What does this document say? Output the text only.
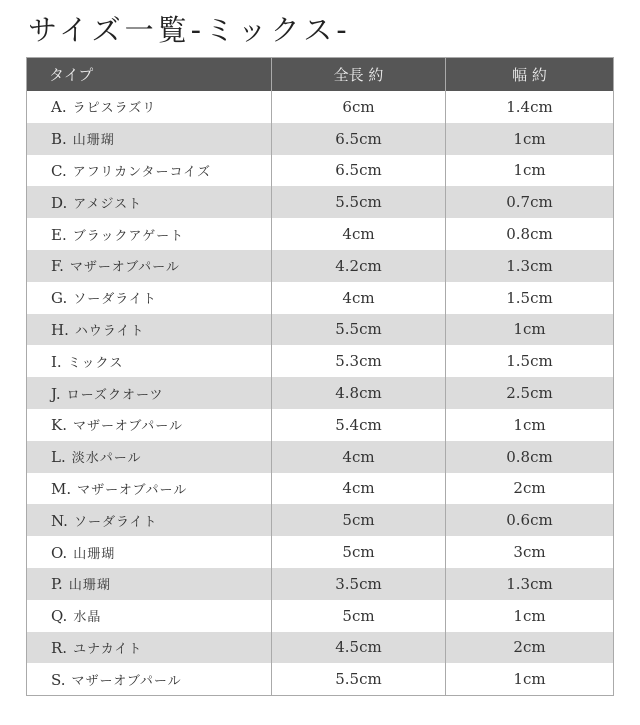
サイズ一覧-ミックス-
タイプ	全長 約	幅 約
A. ラピスラズリ	6cm	1.4cm
B. 山珊瑚	6.5cm	1cm
C. アフリカンターコイズ	6.5cm	1cm
D. アメジスト	5.5cm	0.7cm
E. ブラックアゲート	4cm	0.8cm
F. マザーオブパール	4.2cm	1.3cm
G. ソーダライト	4cm	1.5cm
H. ハウライト	5.5cm	1cm
I. ミックス	5.3cm	1.5cm
J. ローズクオーツ	4.8cm	2.5cm
K. マザーオブパール	5.4cm	1cm
L. 淡水パール	4cm	0.8cm
M. マザーオブパール	4cm	2cm
N. ソーダライト	5cm	0.6cm
O. 山珊瑚	5cm	3cm
P. 山珊瑚	3.5cm	1.3cm
Q. 水晶	5cm	1cm
R. ユナカイト	4.5cm	2cm
S. マザーオブパール	5.5cm	1cm
